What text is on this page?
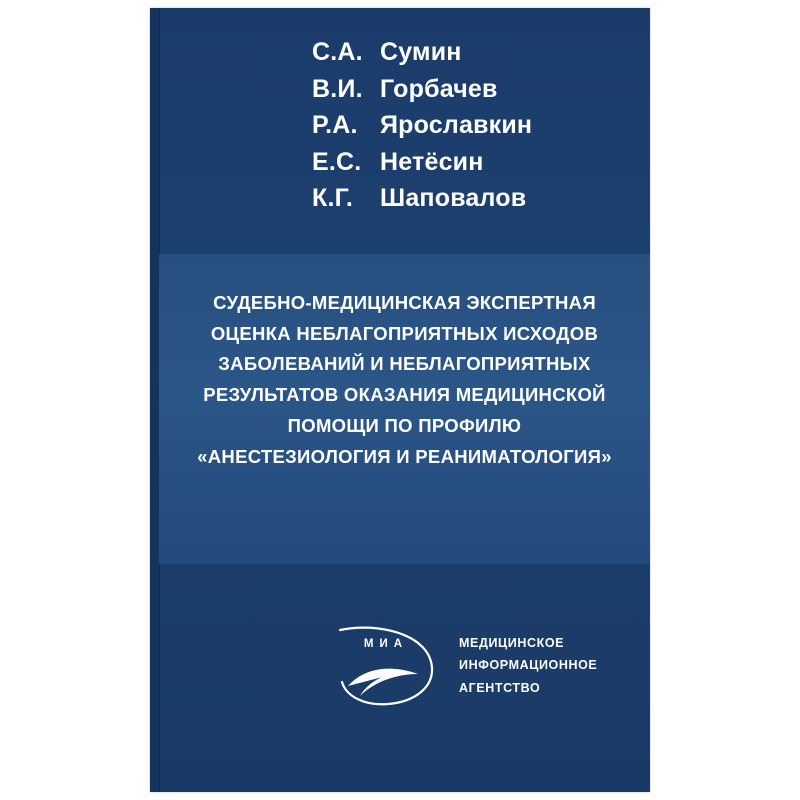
С.А. Сумин
В.И. Горбачев
Р.А. Ярославкин
Е.С. Нетёсин
К.Г.	Шаповалов
СУДЕБНО-МЕДИЦИНСКАЯ ЭКСПЕРТНАЯ
ОЦЕНКА НЕБЛАГОПРИЯТНЫХ ИСХОДОВ
ЗАБОЛЕВАНИЙ И НЕБЛАГОПРИЯТНЫХ
РЕЗУЛЬТАТОВ ОКАЗАНИЯ МЕДИЦИНСКОЙ
ПОМОЩИ ПО ПРОФИЛЮ
«АНЕСТЕЗИОЛОГИЯ И РЕАНИМАТОЛОГИЯ»
МИА	МЕДИЦИНСКОЕ
ИНФОРМАЦИОННОЕ
АГЕНТСТВО
